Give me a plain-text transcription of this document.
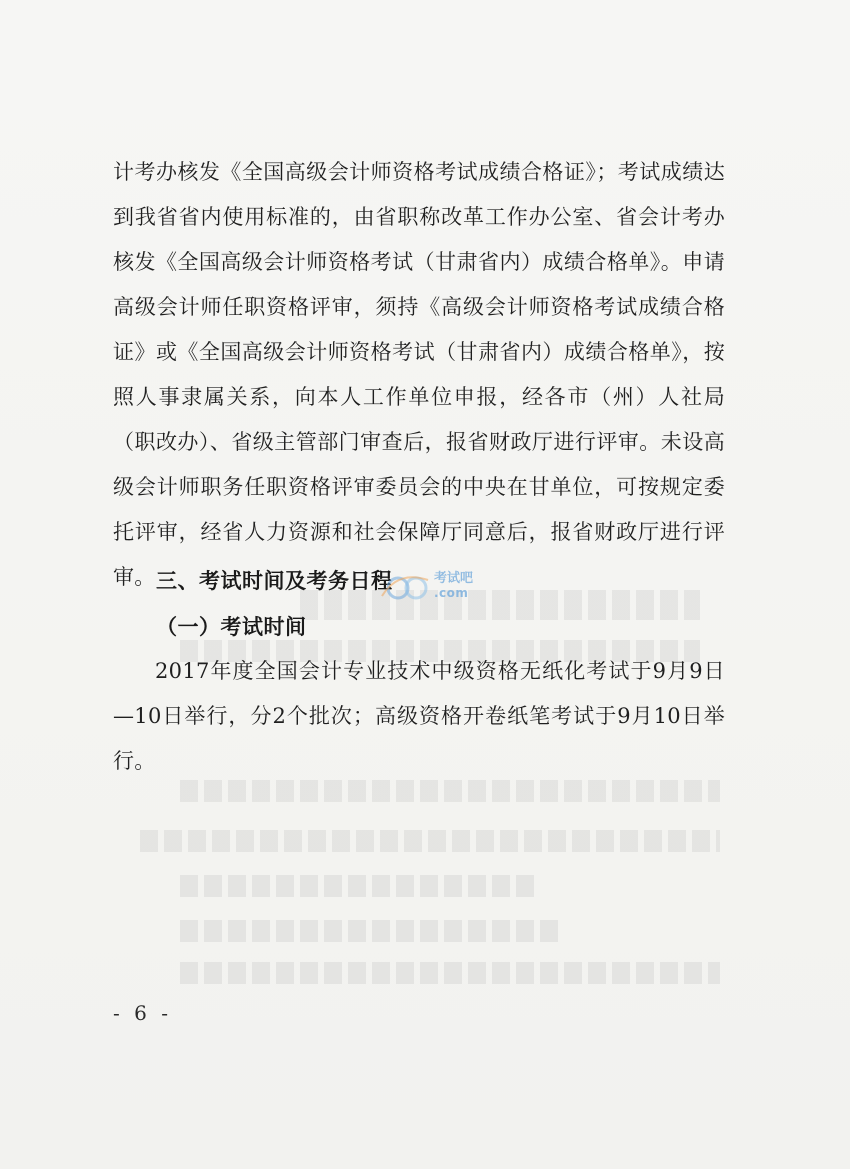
计考办核发《全国高级会计师资格考试成绩合格证》；考试成绩达到我省省内使用标准的，由省职称改革工作办公室、省会计考办核发《全国高级会计师资格考试（甘肃省内）成绩合格单》。申请高级会计师任职资格评审，须持《高级会计师资格考试成绩合格证》或《全国高级会计师资格考试（甘肃省内）成绩合格单》，按照人事隶属关系，向本人工作单位申报，经各市（州）人社局（职改办）、省级主管部门审查后，报省财政厅进行评审。未设高级会计师职务任职资格评审委员会的中央在甘单位，可按规定委托评审，经省人力资源和社会保障厅同意后，报省财政厅进行评审。 三、考试时间及考务日程	考试吧
.com
（一）考试时间

2017年度全国会计专业技术中级资格无纸化考试于9月9日—10日举行，分2个批次；高级资格开卷纸笔考试于9月10日举行。

- 6 -
